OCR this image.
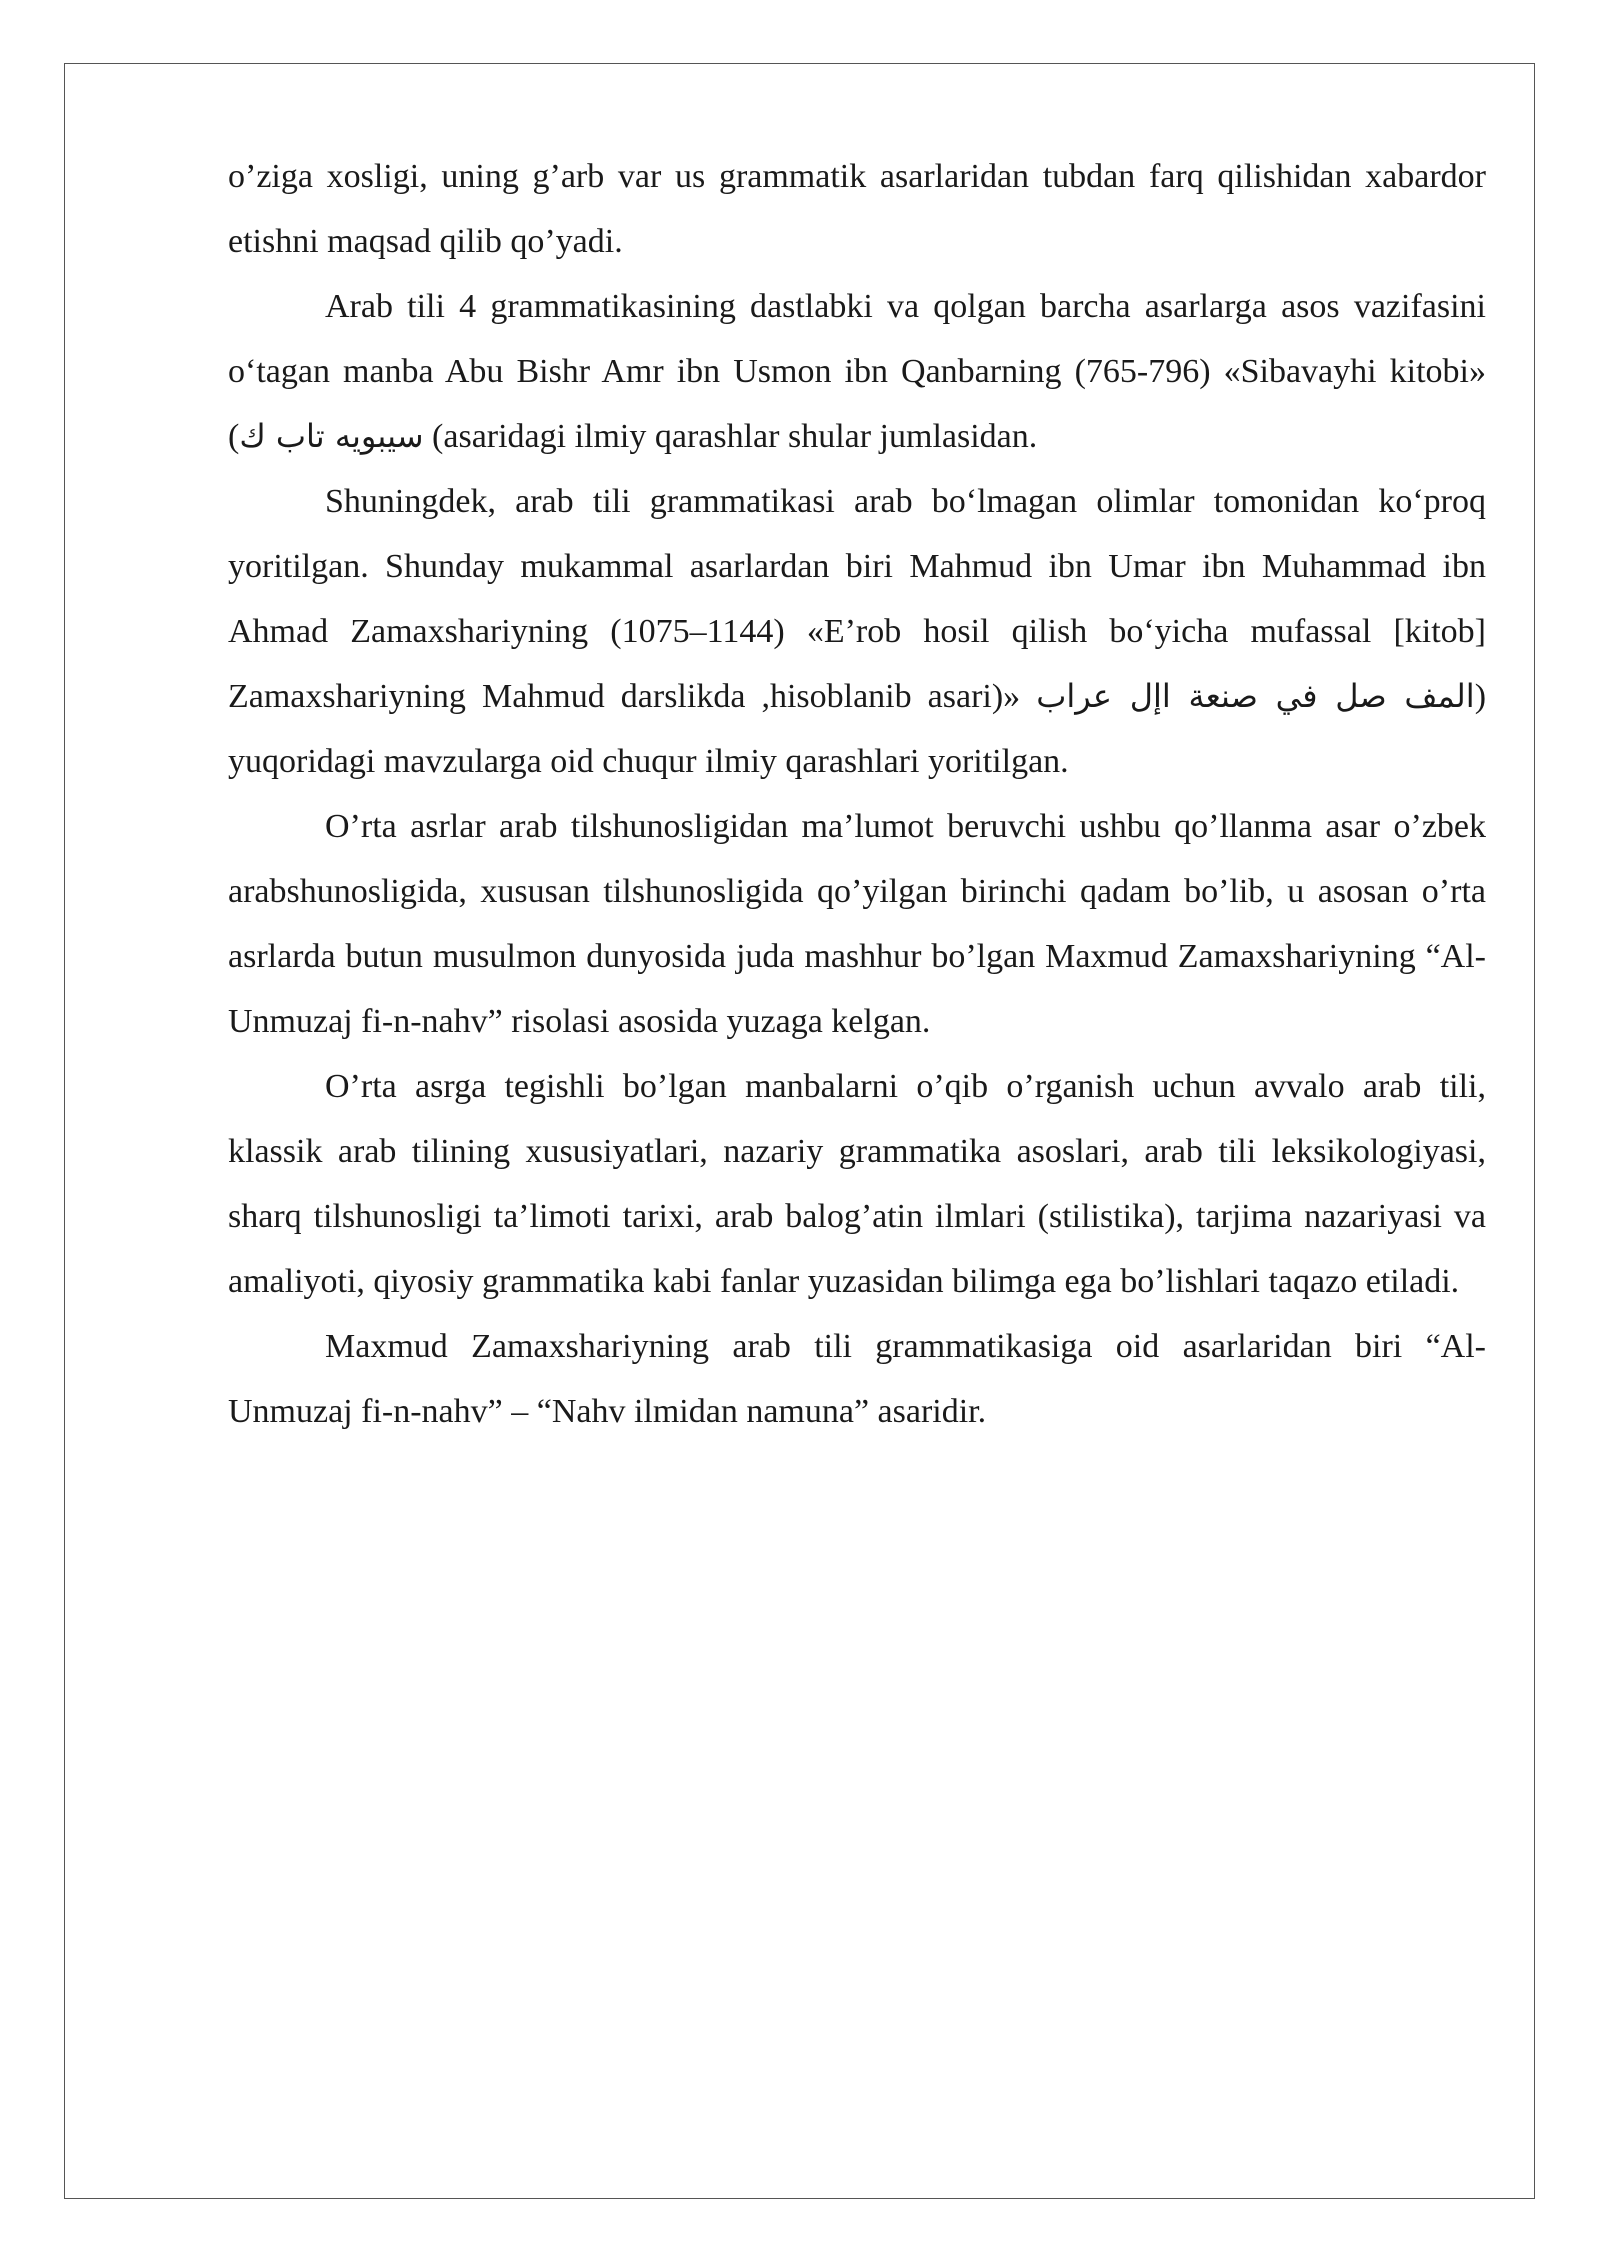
o’ziga xosligi, uning g’arb var us grammatik asarlaridan tubdan farq qilishidan xabardor etishni maqsad qilib qo’yadi.

Arab tili 4 grammatikasining dastlabki va qolgan barcha asarlarga asos vazifasini o‘tagan manba Abu Bishr Amr ibn Usmon ibn Qanbarning (765-796) «Sibavayhi kitobi» (سيبويه تاب ك (asaridagi ilmiy qarashlar shular jumlasidan.

Shuningdek, arab tili grammatikasi arab bo‘lmagan olimlar tomonidan ko‘proq yoritilgan. Shunday mukammal asarlardan biri Mahmud ibn Umar ibn Muhammad ibn Ahmad Zamaxshariyning (1075–1144) «E’rob hosil qilish bo‘yicha mufassal [kitob] Zamaxshariyning Mahmud darslikda ,hisoblanib asari)» المف صل في صنعة اإل عراب) yuqoridagi mavzularga oid chuqur ilmiy qarashlari yoritilgan.

O’rta asrlar arab tilshunosligidan ma’lumot beruvchi ushbu qo’llanma asar o’zbek arabshunosligida, xususan tilshunosligida qo’yilgan birinchi qadam bo’lib, u asosan o’rta asrlarda butun musulmon dunyosida juda mashhur bo’lgan Maxmud Zamaxshariyning “Al-Unmuzaj fi-n-nahv” risolasi asosida yuzaga kelgan.

O’rta asrga tegishli bo’lgan manbalarni o’qib o’rganish uchun avvalo arab tili, klassik arab tilining xususiyatlari, nazariy grammatika asoslari, arab tili leksikologiyasi, sharq tilshunosligi ta’limoti tarixi, arab balog’atin ilmlari (stilistika), tarjima nazariyasi va amaliyoti, qiyosiy grammatika kabi fanlar yuzasidan bilimga ega bo’lishlari taqazo etiladi.

Maxmud Zamaxshariyning arab tili grammatikasiga oid asarlaridan biri “Al-Unmuzaj fi-n-nahv” – “Nahv ilmidan namuna” asaridir.
